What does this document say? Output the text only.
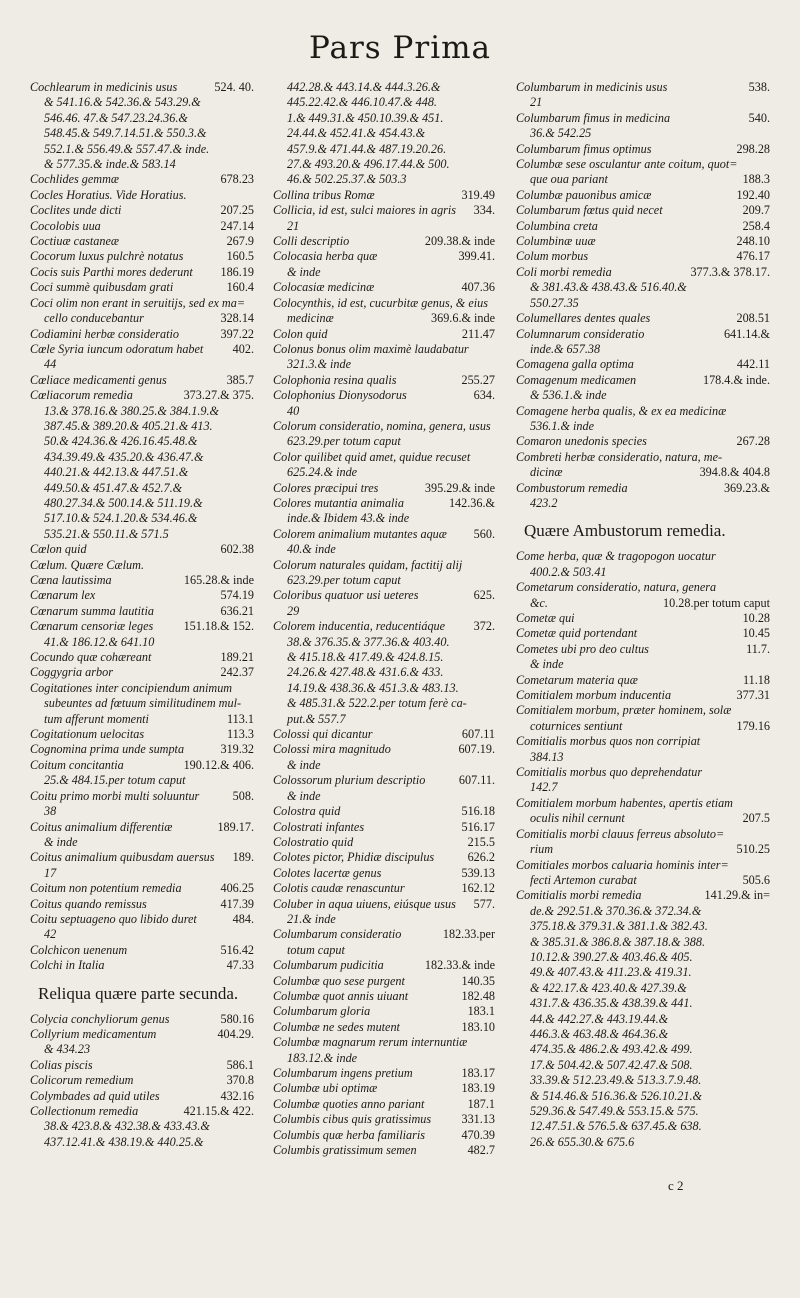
Pars Prima
Cochlearum in medicinis usus	524. 40.
& 541.16.& 542.36.& 543.29.&
546.46. 47.& 547.23.24.36.&
548.45.& 549.7.14.51.& 550.3.&
552.1.& 556.49.& 557.47.& inde.
& 577.35.& inde.& 583.14
Cochlides gemmæ	678.23
Cocles Horatius. Vide Horatius.
Coclites unde dicti	207.25
Cocolobis uua	247.14
Coctiuæ castaneæ	267.9
Cocorum luxus pulchrè notatus	160.5
Cocis suis Parthi mores dederunt	186.19
Coci summè quibusdam grati	160.4
Coci olim non erant in seruitijs, sed ex ma=
cello conducebantur	328.14
Codiamini herbæ consideratio	397.22
Cœle Syria iuncum odoratum habet	402.
44
Cœliace medicamenti genus	385.7
Cœliacorum remedia	373.27.& 375.
13.& 378.16.& 380.25.& 384.1.9.&
387.45.& 389.20.& 405.21.& 413.
50.& 424.36.& 426.16.45.48.&
434.39.49.& 435.20.& 436.47.&
440.21.& 442.13.& 447.51.&
449.50.& 451.47.& 452.7.&
480.27.34.& 500.14.& 511.19.&
517.10.& 524.1.20.& 534.46.&
535.21.& 550.11.& 571.5
Cœlon quid	602.38
Cœlum. Quære Cælum.
Cœna lautissima	165.28.& inde
Cœnarum lex	574.19
Cœnarum summa lautitia	636.21
Cœnarum censoriæ leges	151.18.& 152.
41.& 186.12.& 641.10
Cocundo quæ cohæreant	189.21
Coggygria arbor	242.37
Cogitationes inter concipiendum animum
subeuntes ad fœtuum similitudinem mul-
tum afferunt momenti	113.1
Cogitationum uelocitas	113.3
Cognomina prima unde sumpta	319.32
Coitum concitantia	190.12.& 406.
25.& 484.15.per totum caput
Coitu primo morbi multi soluuntur	508.
38
Coitus animalium differentiæ	189.17.
& inde
Coitus animalium quibusdam auersus	189.
17
Coitum non potentium remedia	406.25
Coitus quando remissus	417.39
Coitu septuageno quo libido duret	484.
42
Colchicon uenenum	516.42
Colchi in Italia	47.33
Reliqua quære parte secunda.
Colycia conchyliorum genus	580.16
Collyrium medicamentum	404.29.
& 434.23
Colias piscis	586.1
Colicorum remedium	370.8
Colymbades ad quid utiles	432.16
Collectionum remedia	421.15.& 422.
38.& 423.8.& 432.38.& 433.43.&
437.12.41.& 438.19.& 440.25.&
442.28.& 443.14.& 444.3.26.&
445.22.42.& 446.10.47.& 448.
1.& 449.31.& 450.10.39.& 451.
24.44.& 452.41.& 454.43.&
457.9.& 471.44.& 487.19.20.26.
27.& 493.20.& 496.17.44.& 500.
46.& 502.25.37.& 503.3
Collina tribus Romæ	319.49
Collicia, id est, sulci maiores in agris	334.
21
Colli descriptio	209.38.& inde
Colocasia herba quæ	399.41.
& inde
Colocasiæ medicinæ	407.36
Colocynthis, id est, cucurbitæ genus, & eius
medicinæ	369.6.& inde
Colon quid	211.47
Colonus bonus olim maximè laudabatur
321.3.& inde
Colophonia resina qualis	255.27
Colophonius Dionysodorus	634.
40
Colorum consideratio, nomina, genera, usus
623.29.per totum caput
Color quilibet quid amet, quidue recuset
625.24.& inde
Colores præcipui tres	395.29.& inde
Colores mutantia animalia	142.36.&
inde.& Ibidem 43.& inde
Colorem animalium mutantes aquæ	560.
40.& inde
Colorum naturales quidam, factitij alij
623.29.per totum caput
Coloribus quatuor usi ueteres	625.
29
Colorem inducentia, reducentiáque	372.
38.& 376.35.& 377.36.& 403.40.
& 415.18.& 417.49.& 424.8.15.
24.26.& 427.48.& 431.6.& 433.
14.19.& 438.36.& 451.3.& 483.13.
& 485.31.& 522.2.per totum ferè ca-
put.& 557.7
Colossi qui dicantur	607.11
Colossi mira magnitudo	607.19.
& inde
Colossorum plurium descriptio	607.11.
& inde
Colostra quid	516.18
Colostrati infantes	516.17
Colostratio quid	215.5
Colotes pictor, Phidiæ discipulus	626.2
Colotes lacertæ genus	539.13
Colotis caudæ renascuntur	162.12
Coluber in aqua uiuens, eiúsque usus	577.
21.& inde
Columbarum consideratio	182.33.per
totum caput
Columbarum pudicitia	182.33.& inde
Columbæ quo sese purgent	140.35
Columbæ quot annis uiuant	182.48
Columbarum gloria	183.1
Columbæ ne sedes mutent	183.10
Columbæ magnarum rerum internuntiæ
183.12.& inde
Columbarum ingens pretium	183.17
Columbæ ubi optimæ	183.19
Columbæ quoties anno pariant	187.1
Columbis cibus quis gratissimus	331.13
Columbis quæ herba familiaris	470.39
Columbis gratissimum semen	482.7
Columbarum in medicinis usus	538.
21
Columbarum fimus in medicina	540.
36.& 542.25
Columbarum fimus optimus	298.28
Columbæ sese osculantur ante coitum, quot=
que oua pariant	188.3
Columbæ pauonibus amicæ	192.40
Columbarum fœtus quid necet	209.7
Columbina creta	258.4
Columbinæ uuæ	248.10
Colum morbus	476.17
Coli morbi remedia	377.3.& 378.17.
& 381.43.& 438.43.& 516.40.&
550.27.35
Columellares dentes quales	208.51
Columnarum consideratio	641.14.&
inde.& 657.38
Comagena galla optima	442.11
Comagenum medicamen	178.4.& inde.
& 536.1.& inde
Comagene herba qualis, & ex ea medicinæ
536.1.& inde
Comaron unedonis species	267.28
Combreti herbæ consideratio, natura, me-
dicinæ	394.8.& 404.8
Combustorum remedia	369.23.&
423.2
Quære Ambustorum remedia.
Come herba, quæ & tragopogon uocatur
400.2.& 503.41
Cometarum consideratio, natura, genera
&c.	10.28.per totum caput
Cometæ qui	10.28
Cometæ quid portendant	10.45
Cometes ubi pro deo cultus	11.7.
& inde
Cometarum materia quæ	11.18
Comitialem morbum inducentia	377.31
Comitialem morbum, præter hominem, solæ
coturnices sentiunt	179.16
Comitialis morbus quos non corripiat
384.13
Comitialis morbus quo deprehendatur
142.7
Comitialem morbum habentes, apertis etiam
oculis nihil cernunt	207.5
Comitialis morbi clauus ferreus absoluto=
rium	510.25
Comitiales morbos caluaria hominis inter=
fecti Artemon curabat	505.6
Comitialis morbi remedia	141.29.& in=
de.& 292.51.& 370.36.& 372.34.&
375.18.& 379.31.& 381.1.& 382.43.
& 385.31.& 386.8.& 387.18.& 388.
10.12.& 390.27.& 403.46.& 405.
49.& 407.43.& 411.23.& 419.31.
& 422.17.& 423.40.& 427.39.&
431.7.& 436.35.& 438.39.& 441.
44.& 442.27.& 443.19.44.&
446.3.& 463.48.& 464.36.&
474.35.& 486.2.& 493.42.& 499.
17.& 504.42.& 507.42.47.& 508.
33.39.& 512.23.49.& 513.3.7.9.48.
& 514.46.& 516.36.& 526.10.21.&
529.36.& 547.49.& 553.15.& 575.
12.47.51.& 576.5.& 637.45.& 638.
26.& 655.30.& 675.6
c 2
